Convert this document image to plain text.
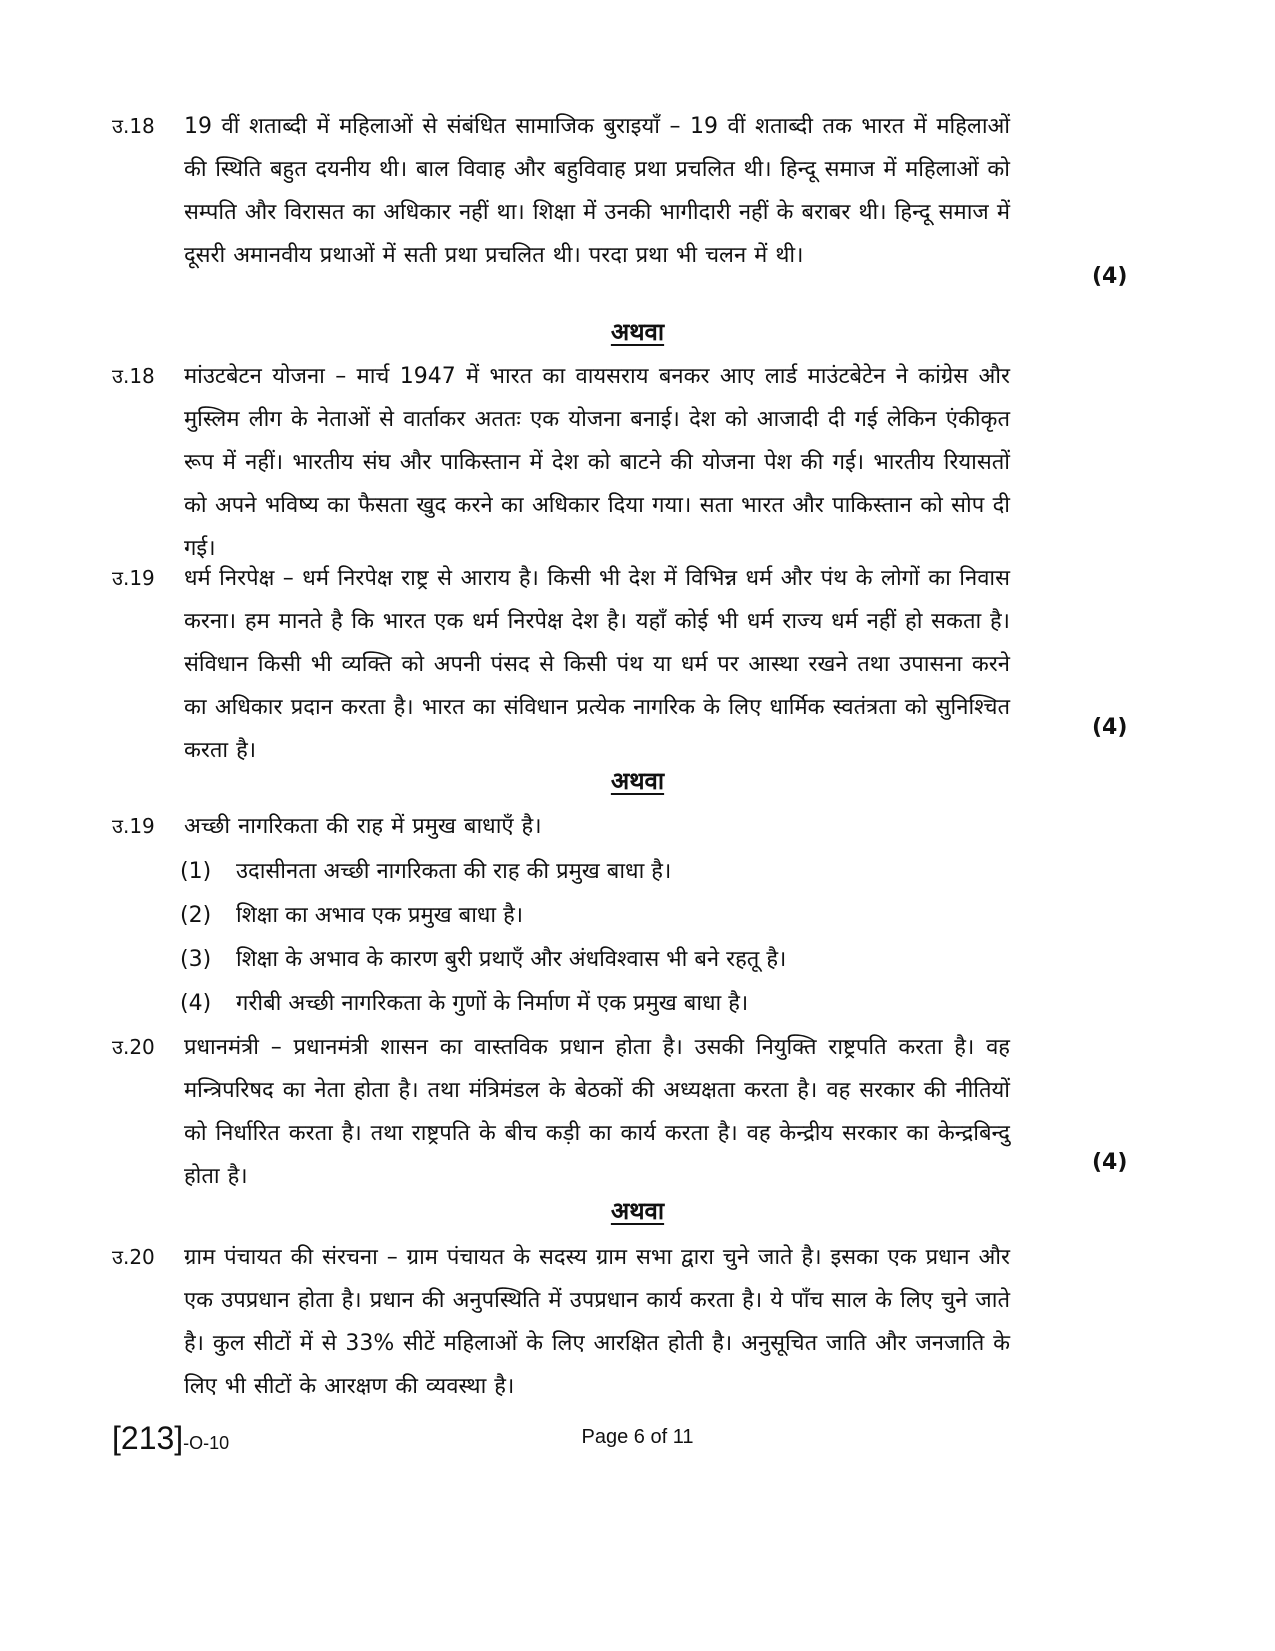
उ.18	19 वीं शताब्दी में महिलाओं से संबंधित सामाजिक बुराइयाँ – 19 वीं शताब्दी तक भारत में महिलाओं की स्थिति बहुत दयनीय थी। बाल विवाह और बहुविवाह प्रथा प्रचलित थी। हिन्दू समाज में महिलाओं को सम्पति और विरासत का अधिकार नहीं था। शिक्षा में उनकी भागीदारी नहीं के बराबर थी। हिन्दू समाज में दूसरी अमानवीय प्रथाओं में सती प्रथा प्रचलित थी। परदा प्रथा भी चलन में थी।
(4)
अथवा
उ.18	मांउटबेटन योजना – मार्च 1947 में भारत का वायसराय बनकर आए लार्ड माउंटबेटेन ने कांग्रेस और मुस्लिम लीग के नेताओं से वार्ताकर अततः एक योजना बनाई। देश को आजादी दी गई लेकिन एंकीकृत रूप में नहीं। भारतीय संघ और पाकिस्तान में देश को बाटने की योजना पेश की गई। भारतीय रियासतों को अपने भविष्य का फैसता खुद करने का अधिकार दिया गया। सता भारत और पाकिस्तान को सोप दी गई।
उ.19	धर्म निरपेक्ष – धर्म निरपेक्ष राष्ट्र से आराय है। किसी भी देश में विभिन्न धर्म और पंथ के लोगों का निवास करना। हम मानते है कि भारत एक धर्म निरपेक्ष देश है। यहाँ कोई भी धर्म राज्य धर्म नहीं हो सकता है। संविधान किसी भी व्यक्ति को अपनी पंसद से किसी पंथ या धर्म पर आस्था रखने तथा उपासना करने का अधिकार प्रदान करता है। भारत का संविधान प्रत्येक नागरिक के लिए धार्मिक स्वतंत्रता को सुनिश्चित करता है।
(4)
अथवा
उ.19	अच्छी नागरिकता की राह में प्रमुख बाधाएँ है।
(1)	उदासीनता अच्छी नागरिकता की राह की प्रमुख बाधा है।
(2)	शिक्षा का अभाव एक प्रमुख बाधा है।
(3)	शिक्षा के अभाव के कारण बुरी प्रथाएँ और अंधविश्वास भी बने रहतू है।
(4)	गरीबी अच्छी नागरिकता के गुणों के निर्माण में एक प्रमुख बाधा है।
उ.20	प्रधानमंत्री – प्रधानमंत्री शासन का वास्तविक प्रधान होता है। उसकी नियुक्ति राष्ट्रपति करता है। वह मन्त्रिपरिषद का नेता होता है। तथा मंत्रिमंडल के बेठकों की अध्यक्षता करता है। वह सरकार की नीतियों को निर्धारित करता है। तथा राष्ट्रपति के बीच कड़ी का कार्य करता है। वह केन्द्रीय सरकार का केन्द्रबिन्दु होता है।
(4)
अथवा
उ.20	ग्राम पंचायत की संरचना – ग्राम पंचायत के सदस्य ग्राम सभा द्वारा चुने जाते है। इसका एक प्रधान और एक उपप्रधान होता है। प्रधान की अनुपस्थिति में उपप्रधान कार्य करता है। ये पाँच साल के लिए चुने जाते है। कुल सीटों में से 33% सीटें महिलाओं के लिए आरक्षित होती है। अनुसूचित जाति और जनजाति के लिए भी सीटों के आरक्षण की व्यवस्था है।
[213]-O-10	Page 6 of 11
